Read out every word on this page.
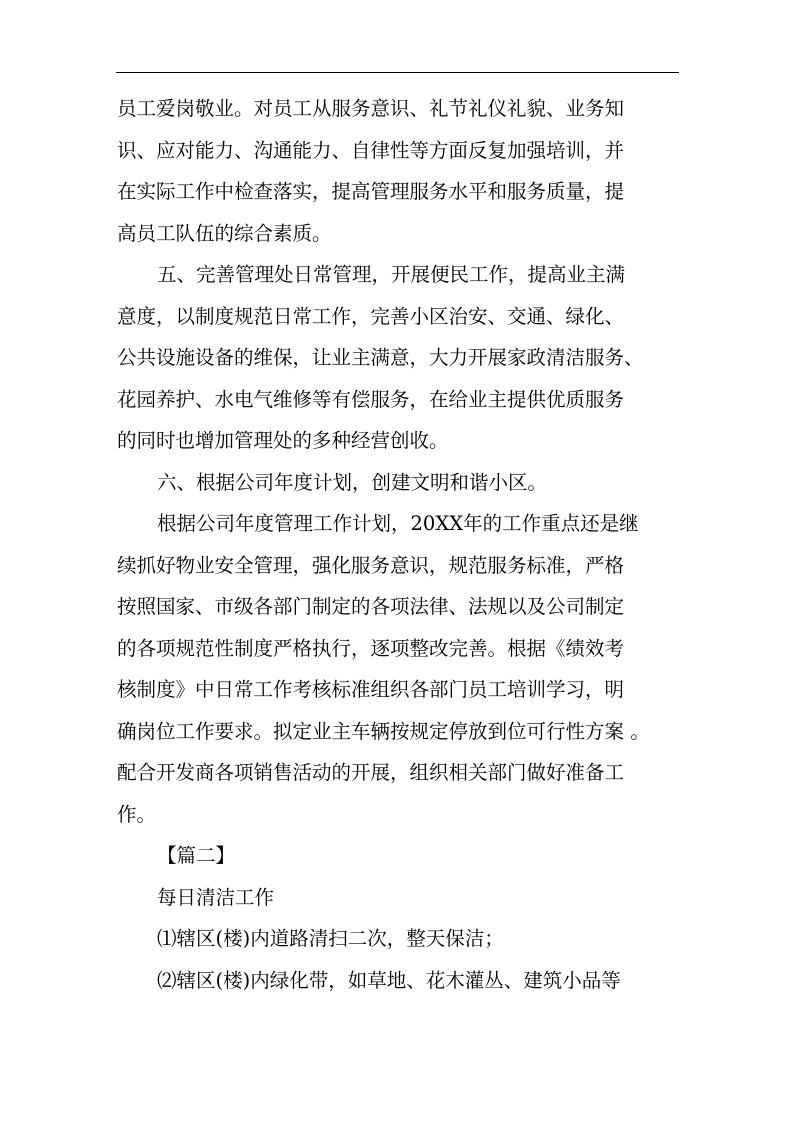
员工爱岗敬业。对员工从服务意识、礼节礼仪礼貌、业务知
识、应对能力、沟通能力、自律性等方面反复加强培训，并
在实际工作中检查落实，提高管理服务水平和服务质量，提
高员工队伍的综合素质。
五、完善管理处日常管理，开展便民工作，提高业主满
意度，以制度规范日常工作，完善小区治安、交通、绿化、
公共设施设备的维保，让业主满意，大力开展家政清洁服务、
花园养护、水电气维修等有偿服务，在给业主提供优质服务
的同时也增加管理处的多种经营创收。
六、根据公司年度计划，创建文明和谐小区。
根据公司年度管理工作计划，20XX年的工作重点还是继
续抓好物业安全管理，强化服务意识，规范服务标准，严格
按照国家、市级各部门制定的各项法律、法规以及公司制定
的各项规范性制度严格执行，逐项整改完善。根据《绩效考
核制度》中日常工作考核标准组织各部门员工培训学习，明
确岗位工作要求。拟定业主车辆按规定停放到位可行性方案 。
配合开发商各项销售活动的开展，组织相关部门做好准备工
作。
【篇二】
每日清洁工作
⑴辖区(楼)内道路清扫二次，整天保洁；
⑵辖区(楼)内绿化带，如草地、花木灌丛、建筑小品等
